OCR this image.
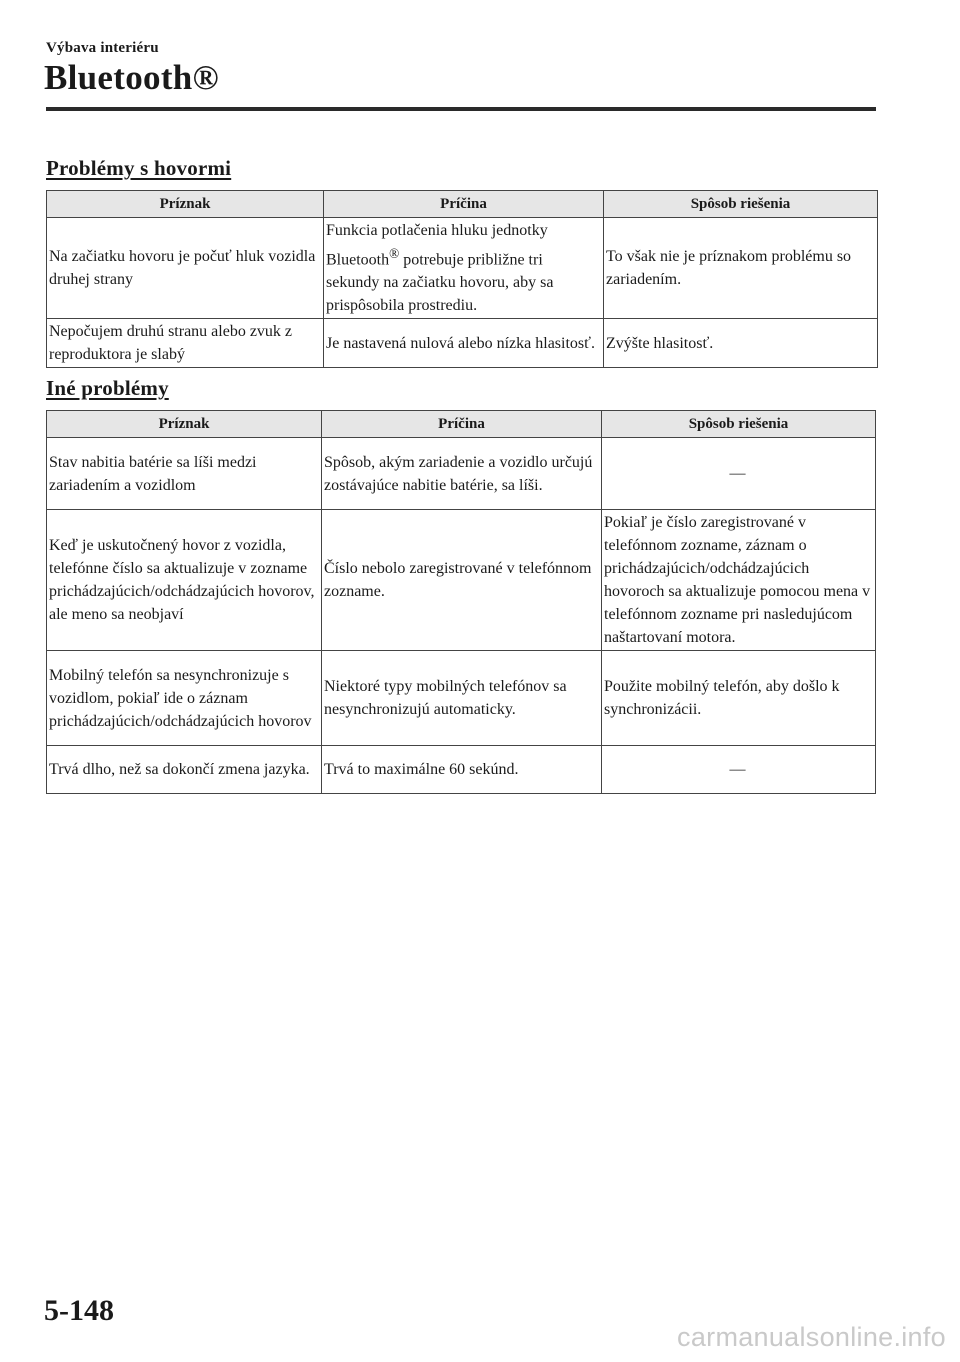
Výbava interiéru
Bluetooth®
Problémy s hovormi
Príznak	Príčina	Spôsob riešenia
Na začiatku hovoru je počuť hluk vozidla druhej strany	Funkcia potlačenia hluku jednotky Bluetooth® potrebuje približne tri sekundy na začiatku hovoru, aby sa prispôsobila prostrediu.	To však nie je príznakom problému so zariadením.
Nepočujem druhú stranu alebo zvuk z reproduktora je slabý	Je nastavená nulová alebo nízka hlasitosť.	Zvýšte hlasitosť.
Iné problémy
Príznak	Príčina	Spôsob riešenia
Stav nabitia batérie sa líši medzi zariadením a vozidlom	Spôsob, akým zariadenie a vozidlo určujú zostávajúce nabitie batérie, sa líši.	—
Keď je uskutočnený hovor z vozidla, telefónne číslo sa aktualizuje v zozname prichádzajúcich/odchádzajúcich hovorov, ale meno sa neobjaví	Číslo nebolo zaregistrované v telefónnom zozname.	Pokiaľ je číslo zaregistrované v telefónnom zozname, záznam o prichádzajúcich/odchádzajúcich hovoroch sa aktualizuje pomocou mena v telefónnom zozname pri nasledujúcom naštartovaní motora.
Mobilný telefón sa nesynchronizuje s vozidlom, pokiaľ ide o záznam prichádzajúcich/odchádzajúcich hovorov	Niektoré typy mobilných telefónov sa nesynchronizujú automaticky.	Použite mobilný telefón, aby došlo k synchronizácii.
Trvá dlho, než sa dokončí zmena jazyka.	Trvá to maximálne 60 sekúnd.	—
5-148
carmanualsonline.info
